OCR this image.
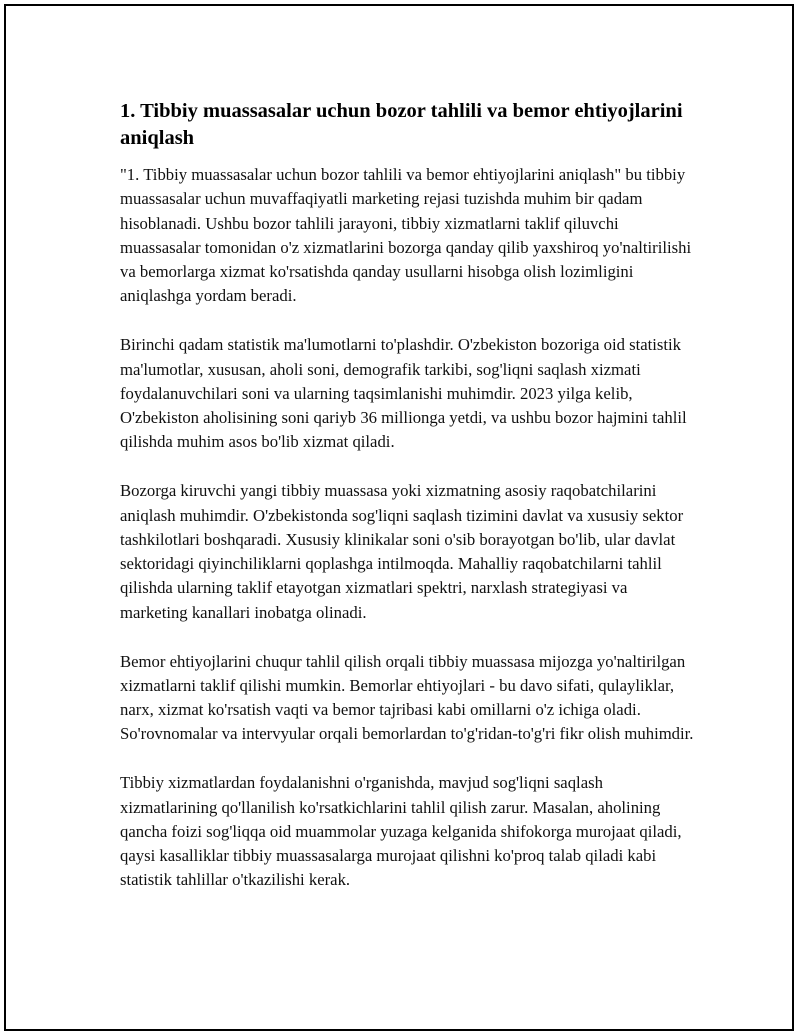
1. Tibbiy muassasalar uchun bozor tahlili va bemor ehtiyojlarini aniqlash

"1. Tibbiy muassasalar uchun bozor tahlili va bemor ehtiyojlarini aniqlash" bu tibbiy muassasalar uchun muvaffaqiyatli marketing rejasi tuzishda muhim bir qadam hisoblanadi. Ushbu bozor tahlili jarayoni, tibbiy xizmatlarni taklif qiluvchi muassasalar tomonidan o'z xizmatlarini bozorga qanday qilib yaxshiroq yo'naltirilishi va bemorlarga xizmat ko'rsatishda qanday usullarni hisobga olish lozimligini aniqlashga yordam beradi.

Birinchi qadam statistik ma'lumotlarni to'plashdir. O'zbekiston bozoriga oid statistik ma'lumotlar, xususan, aholi soni, demografik tarkibi, sog'liqni saqlash xizmati foydalanuvchilari soni va ularning taqsimlanishi muhimdir. 2023 yilga kelib, O'zbekiston aholisining soni qariyb 36 millionga yetdi, va ushbu bozor hajmini tahlil qilishda muhim asos bo'lib xizmat qiladi.

Bozorga kiruvchi yangi tibbiy muassasa yoki xizmatning asosiy raqobatchilarini aniqlash muhimdir. O'zbekistonda sog'liqni saqlash tizimini davlat va xususiy sektor tashkilotlari boshqaradi. Xususiy klinikalar soni o'sib borayotgan bo'lib, ular davlat sektoridagi qiyinchiliklarni qoplashga intilmoqda. Mahalliy raqobatchilarni tahlil qilishda ularning taklif etayotgan xizmatlari spektri, narxlash strategiyasi va marketing kanallari inobatga olinadi.

Bemor ehtiyojlarini chuqur tahlil qilish orqali tibbiy muassasa mijozga yo'naltirilgan xizmatlarni taklif qilishi mumkin. Bemorlar ehtiyojlari - bu davo sifati, qulayliklar, narx, xizmat ko'rsatish vaqti va bemor tajribasi kabi omillarni o'z ichiga oladi. So'rovnomalar va intervyular orqali bemorlardan to'g'ridan-to'g'ri fikr olish muhimdir.

Tibbiy xizmatlardan foydalanishni o'rganishda, mavjud sog'liqni saqlash xizmatlarining qo'llanilish ko'rsatkichlarini tahlil qilish zarur. Masalan, aholining qancha foizi sog'liqqa oid muammolar yuzaga kelganida shifokorga murojaat qiladi, qaysi kasalliklar tibbiy muassasalarga murojaat qilishni ko'proq talab qiladi kabi statistik tahlillar o'tkazilishi kerak.
